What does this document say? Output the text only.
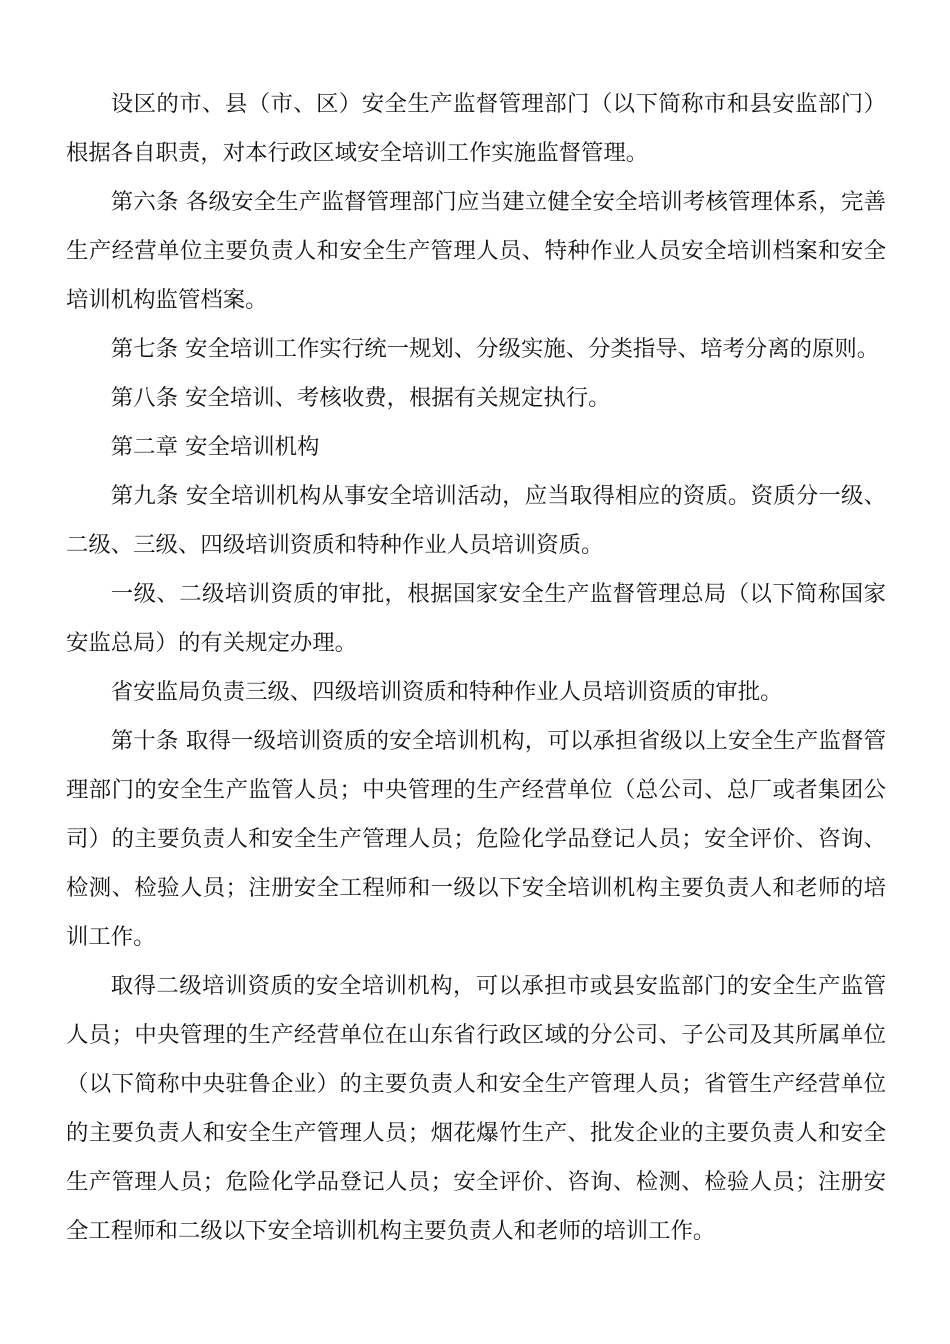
设区的市、县（市、区）安全生产监督管理部门（以下简称市和县安监部门）根据各自职责，对本行政区域安全培训工作实施监督管理。

第六条 各级安全生产监督管理部门应当建立健全安全培训考核管理体系，完善生产经营单位主要负责人和安全生产管理人员、特种作业人员安全培训档案和安全培训机构监管档案。

第七条 安全培训工作实行统一规划、分级实施、分类指导、培考分离的原则。

第八条 安全培训、考核收费，根据有关规定执行。

第二章 安全培训机构

第九条 安全培训机构从事安全培训活动，应当取得相应的资质。资质分一级、二级、三级、四级培训资质和特种作业人员培训资质。

一级、二级培训资质的审批，根据国家安全生产监督管理总局（以下简称国家安监总局）的有关规定办理。

省安监局负责三级、四级培训资质和特种作业人员培训资质的审批。

第十条 取得一级培训资质的安全培训机构，可以承担省级以上安全生产监督管理部门的安全生产监管人员；中央管理的生产经营单位（总公司、总厂或者集团公司）的主要负责人和安全生产管理人员；危险化学品登记人员；安全评价、咨询、检测、检验人员；注册安全工程师和一级以下安全培训机构主要负责人和老师的培训工作。

取得二级培训资质的安全培训机构，可以承担市或县安监部门的安全生产监管人员；中央管理的生产经营单位在山东省行政区域的分公司、子公司及其所属单位（以下简称中央驻鲁企业）的主要负责人和安全生产管理人员；省管生产经营单位的主要负责人和安全生产管理人员；烟花爆竹生产、批发企业的主要负责人和安全生产管理人员；危险化学品登记人员；安全评价、咨询、检测、检验人员；注册安全工程师和二级以下安全培训机构主要负责人和老师的培训工作。
